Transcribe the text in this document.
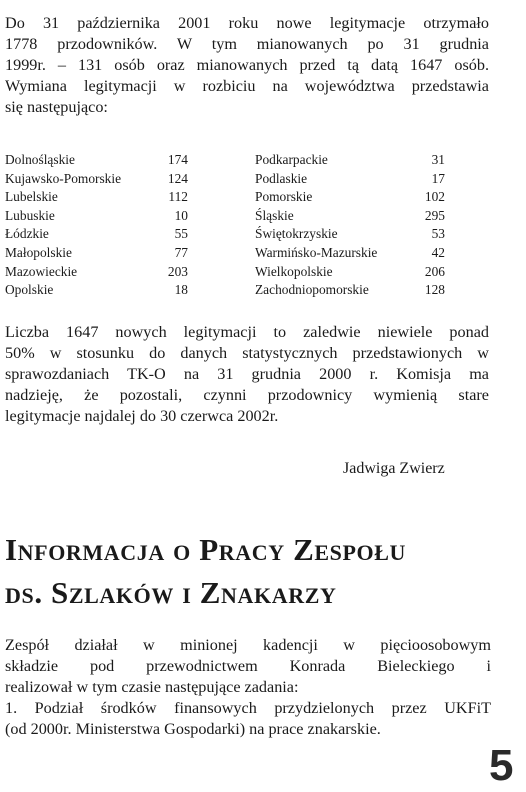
Do 31 października 2001 roku nowe legitymacje otrzymało
1778 przodowników. W tym mianowanych po 31 grudnia
1999r. – 131 osób oraz mianowanych przed tą datą 1647 osób.
Wymiana legitymacji w rozbiciu na województwa przedstawia
się następująco:
Dolnośląskie	174
Kujawsko-Pomorskie	124
Lubelskie	112
Lubuskie	10
Łódzkie	55
Małopolskie	77
Mazowieckie	203
Opolskie	18
Podkarpackie	31
Podlaskie	17
Pomorskie	102
Śląskie	295
Świętokrzyskie	53
Warmińsko-Mazurskie	42
Wielkopolskie	206
Zachodniopomorskie	128
Liczba 1647 nowych legitymacji to zaledwie niewiele ponad
50% w stosunku do danych statystycznych przedstawionych w
sprawozdaniach TK-O na 31 grudnia 2000 r. Komisja ma
nadzieję, że pozostali, czynni przodownicy wymienią stare
legitymacje najdalej do 30 czerwca 2002r.

Jadwiga Zwierz

Informacja o Pracy Zespołu
ds. Szlaków i Znakarzy
Zespół działał w minionej kadencji w pięcioosobowym
składzie pod przewodnictwem Konrada Bieleckiego i
realizował w tym czasie następujące zadania:
1. Podział środków finansowych przydzielonych przez UKFiT
(od 2000r. Ministerstwa Gospodarki) na prace znakarskie.
5
